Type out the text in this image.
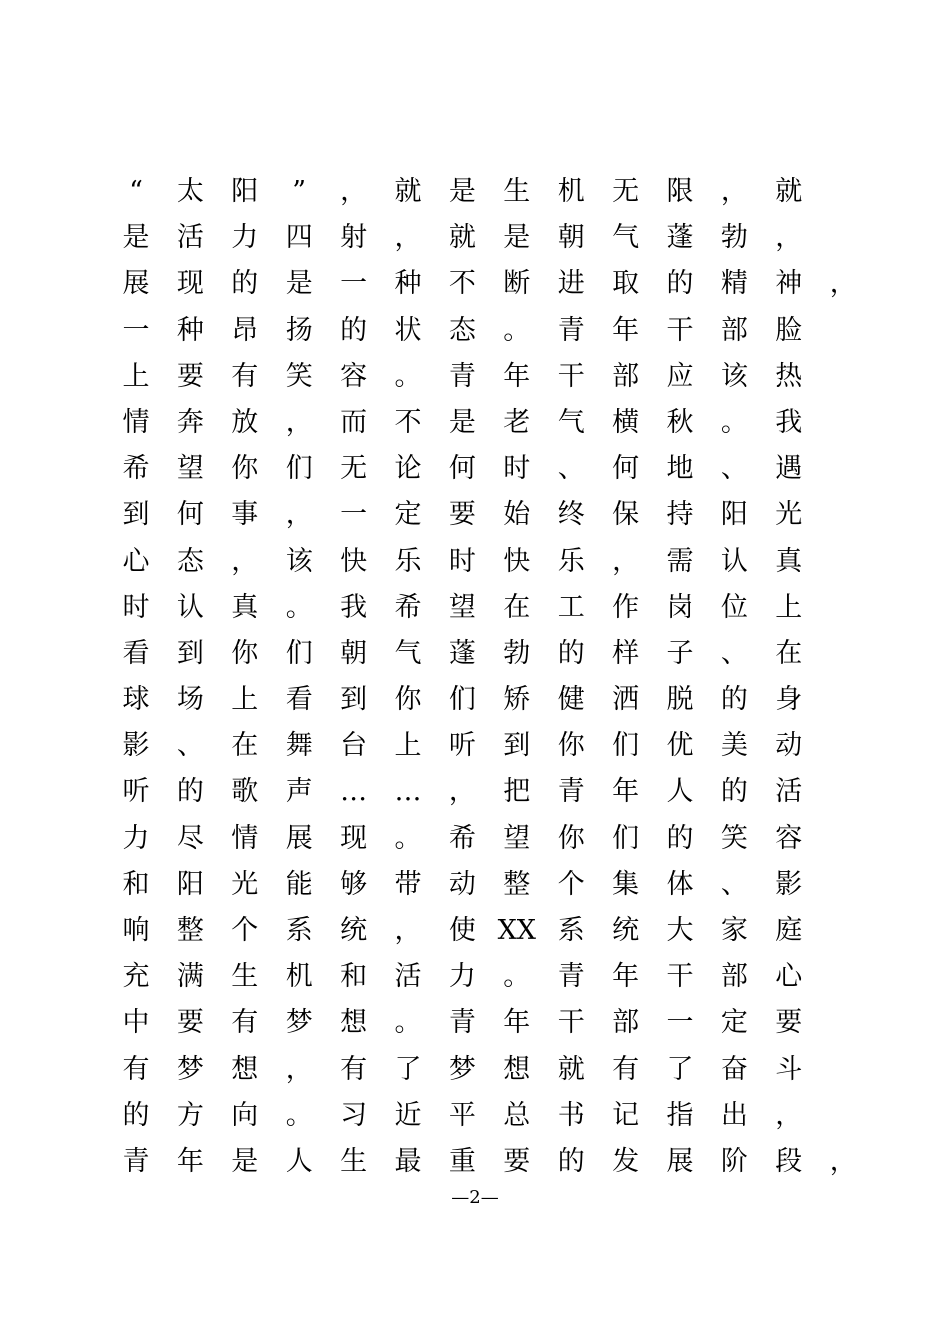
“	太	阳	”	，	就	是	生	机	无	限	，	就
是	活	力	四	射	，	就	是	朝	气	蓬	勃	，
展	现	的	是	一	种	不	断	进	取	的	精	神	，
一	种	昂	扬	的	状	态	。	青	年	干	部	脸
上	要	有	笑	容	。	青	年	干	部	应	该	热
情	奔	放	，	而	不	是	老	气	横	秋	。	我
希	望	你	们	无	论	何	时	、	何	地	、	遇
到	何	事	，	一	定	要	始	终	保	持	阳	光
心	态	，	该	快	乐	时	快	乐	，	需	认	真
时	认	真	。	我	希	望	在	工	作	岗	位	上
看	到	你	们	朝	气	蓬	勃	的	样	子	、	在
球	场	上	看	到	你	们	矫	健	洒	脱	的	身
影	、	在	舞	台	上	听	到	你	们	优	美	动
听	的	歌	声	…	…	，	把	青	年	人	的	活
力	尽	情	展	现	。	希	望	你	们	的	笑	容
和	阳	光	能	够	带	动	整	个	集	体	、	影
响	整	个	系	统	，	使 XX 系	统	大	家	庭
充	满	生	机	和	活	力	。	青	年	干	部	心
中	要	有	梦	想	。	青	年	干	部	一	定	要
有	梦	想	，	有	了	梦	想	就	有	了	奋	斗
的	方	向	。	习	近	平	总	书	记	指	出	，
青	年	是	人	生	最	重	要	的	发	展	阶	段	，
—2—
